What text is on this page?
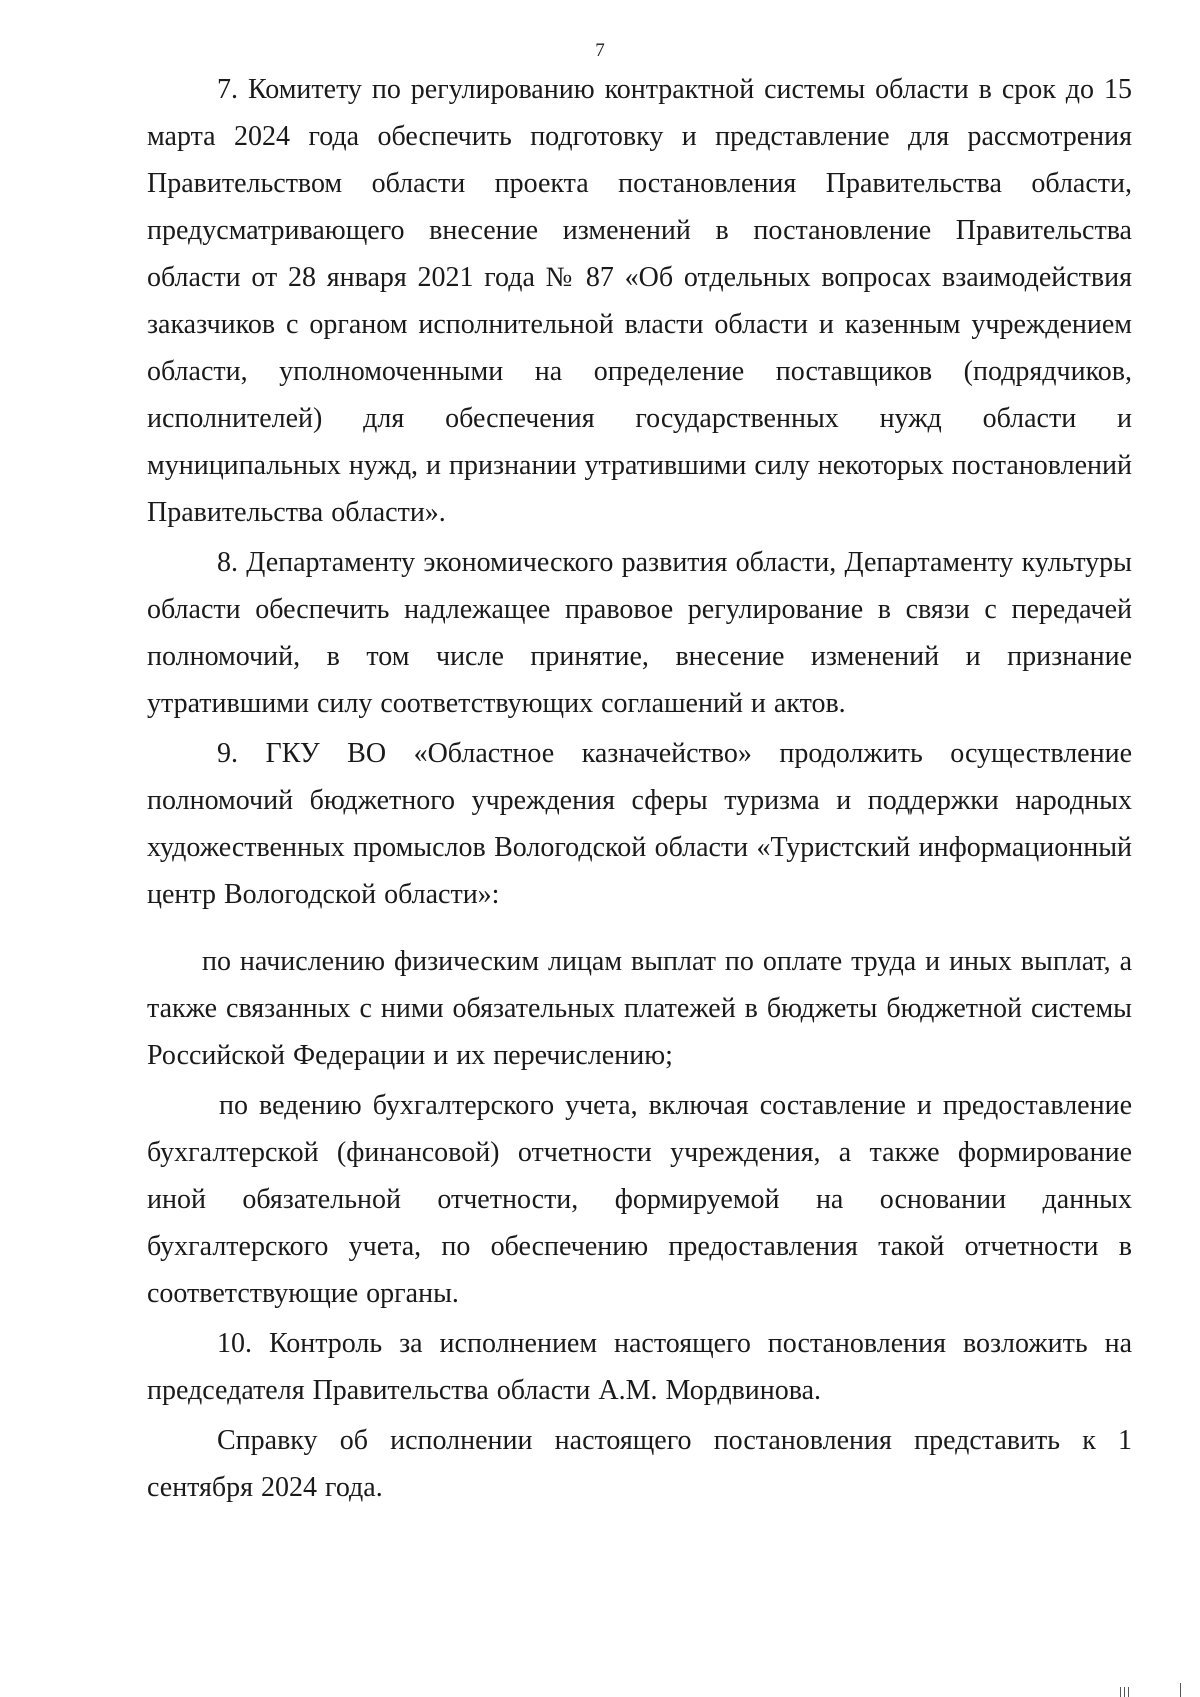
7

7. Комитету по регулированию контрактной системы области в срок до 15 марта 2024 года обеспечить подготовку и представление для рассмотрения Правительством области проекта постановления Правительства области, предусматривающего внесение изменений в постановление Правительства области от 28 января 2021 года № 87 «Об отдельных вопросах взаимодействия заказчиков с органом исполнительной власти области и казенным учреждением области, уполномоченными на определение поставщиков (подрядчиков, исполнителей) для обеспечения государственных нужд области и муниципальных нужд, и признании утратившими силу некоторых постановлений Правительства области».

8. Департаменту экономического развития области, Департаменту культуры области обеспечить надлежащее правовое регулирование в связи с передачей полномочий, в том числе принятие, внесение изменений и признание утратившими силу соответствующих соглашений и актов.

9. ГКУ ВО «Областное казначейство» продолжить осуществление полномочий бюджетного учреждения сферы туризма и поддержки народных художественных промыслов Вологодской области «Туристский информационный центр Вологодской области»:

по начислению физическим лицам выплат по оплате труда и иных выплат, а также связанных с ними обязательных платежей в бюджеты бюджетной системы Российской Федерации и их перечислению;

по ведению бухгалтерского учета, включая составление и предоставление бухгалтерской (финансовой) отчетности учреждения, а также формирование иной обязательной отчетности, формируемой на основании данных бухгалтерского учета, по обеспечению предоставления такой отчетности в соответствующие органы.

10. Контроль за исполнением настоящего постановления возложить на председателя Правительства области А.М. Мордвинова.

Справку об исполнении настоящего постановления представить к 1 сентября 2024 года.
